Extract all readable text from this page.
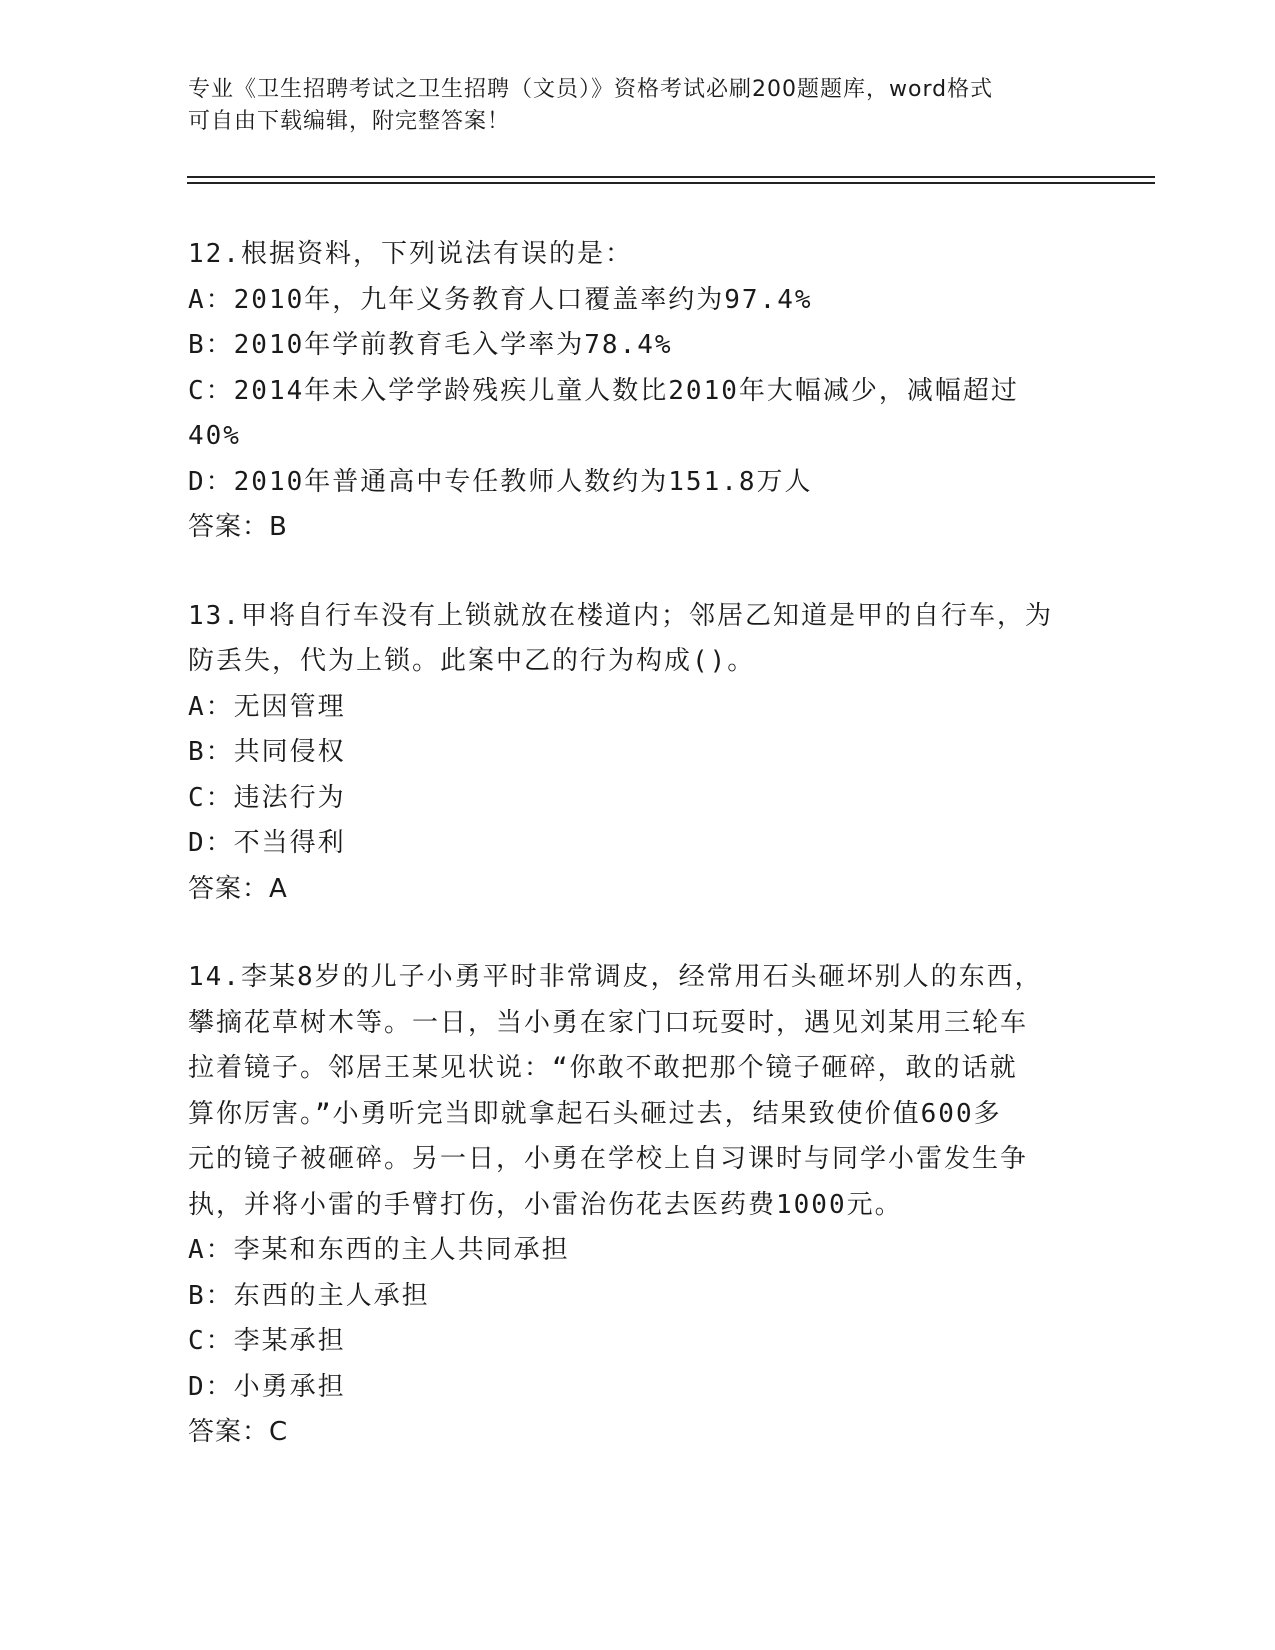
专业《卫生招聘考试之卫生招聘（文员）》资格考试必刷200题题库，word格式

可自由下载编辑，附完整答案！

12.根据资料，下列说法有误的是：

A：2010年，九年义务教育人口覆盖率约为97.4%

B：2010年学前教育毛入学率为78.4%

C：2014年未入学学龄残疾儿童人数比2010年大幅减少，减幅超过

40%

D：2010年普通高中专任教师人数约为151.8万人

答案：B

13.甲将自行车没有上锁就放在楼道内；邻居乙知道是甲的自行车，为

防丢失，代为上锁。此案中乙的行为构成()。

A：无因管理

B：共同侵权

C：违法行为

D：不当得利

答案：A

14.李某8岁的儿子小勇平时非常调皮，经常用石头砸坏别人的东西，

攀摘花草树木等。一日，当小勇在家门口玩耍时，遇见刘某用三轮车

拉着镜子。邻居王某见状说：“你敢不敢把那个镜子砸碎，敢的话就

算你厉害。”小勇听完当即就拿起石头砸过去，结果致使价值600多

元的镜子被砸碎。另一日，小勇在学校上自习课时与同学小雷发生争

执，并将小雷的手臂打伤，小雷治伤花去医药费1000元。

A：李某和东西的主人共同承担

B：东西的主人承担

C：李某承担

D：小勇承担

答案：C
